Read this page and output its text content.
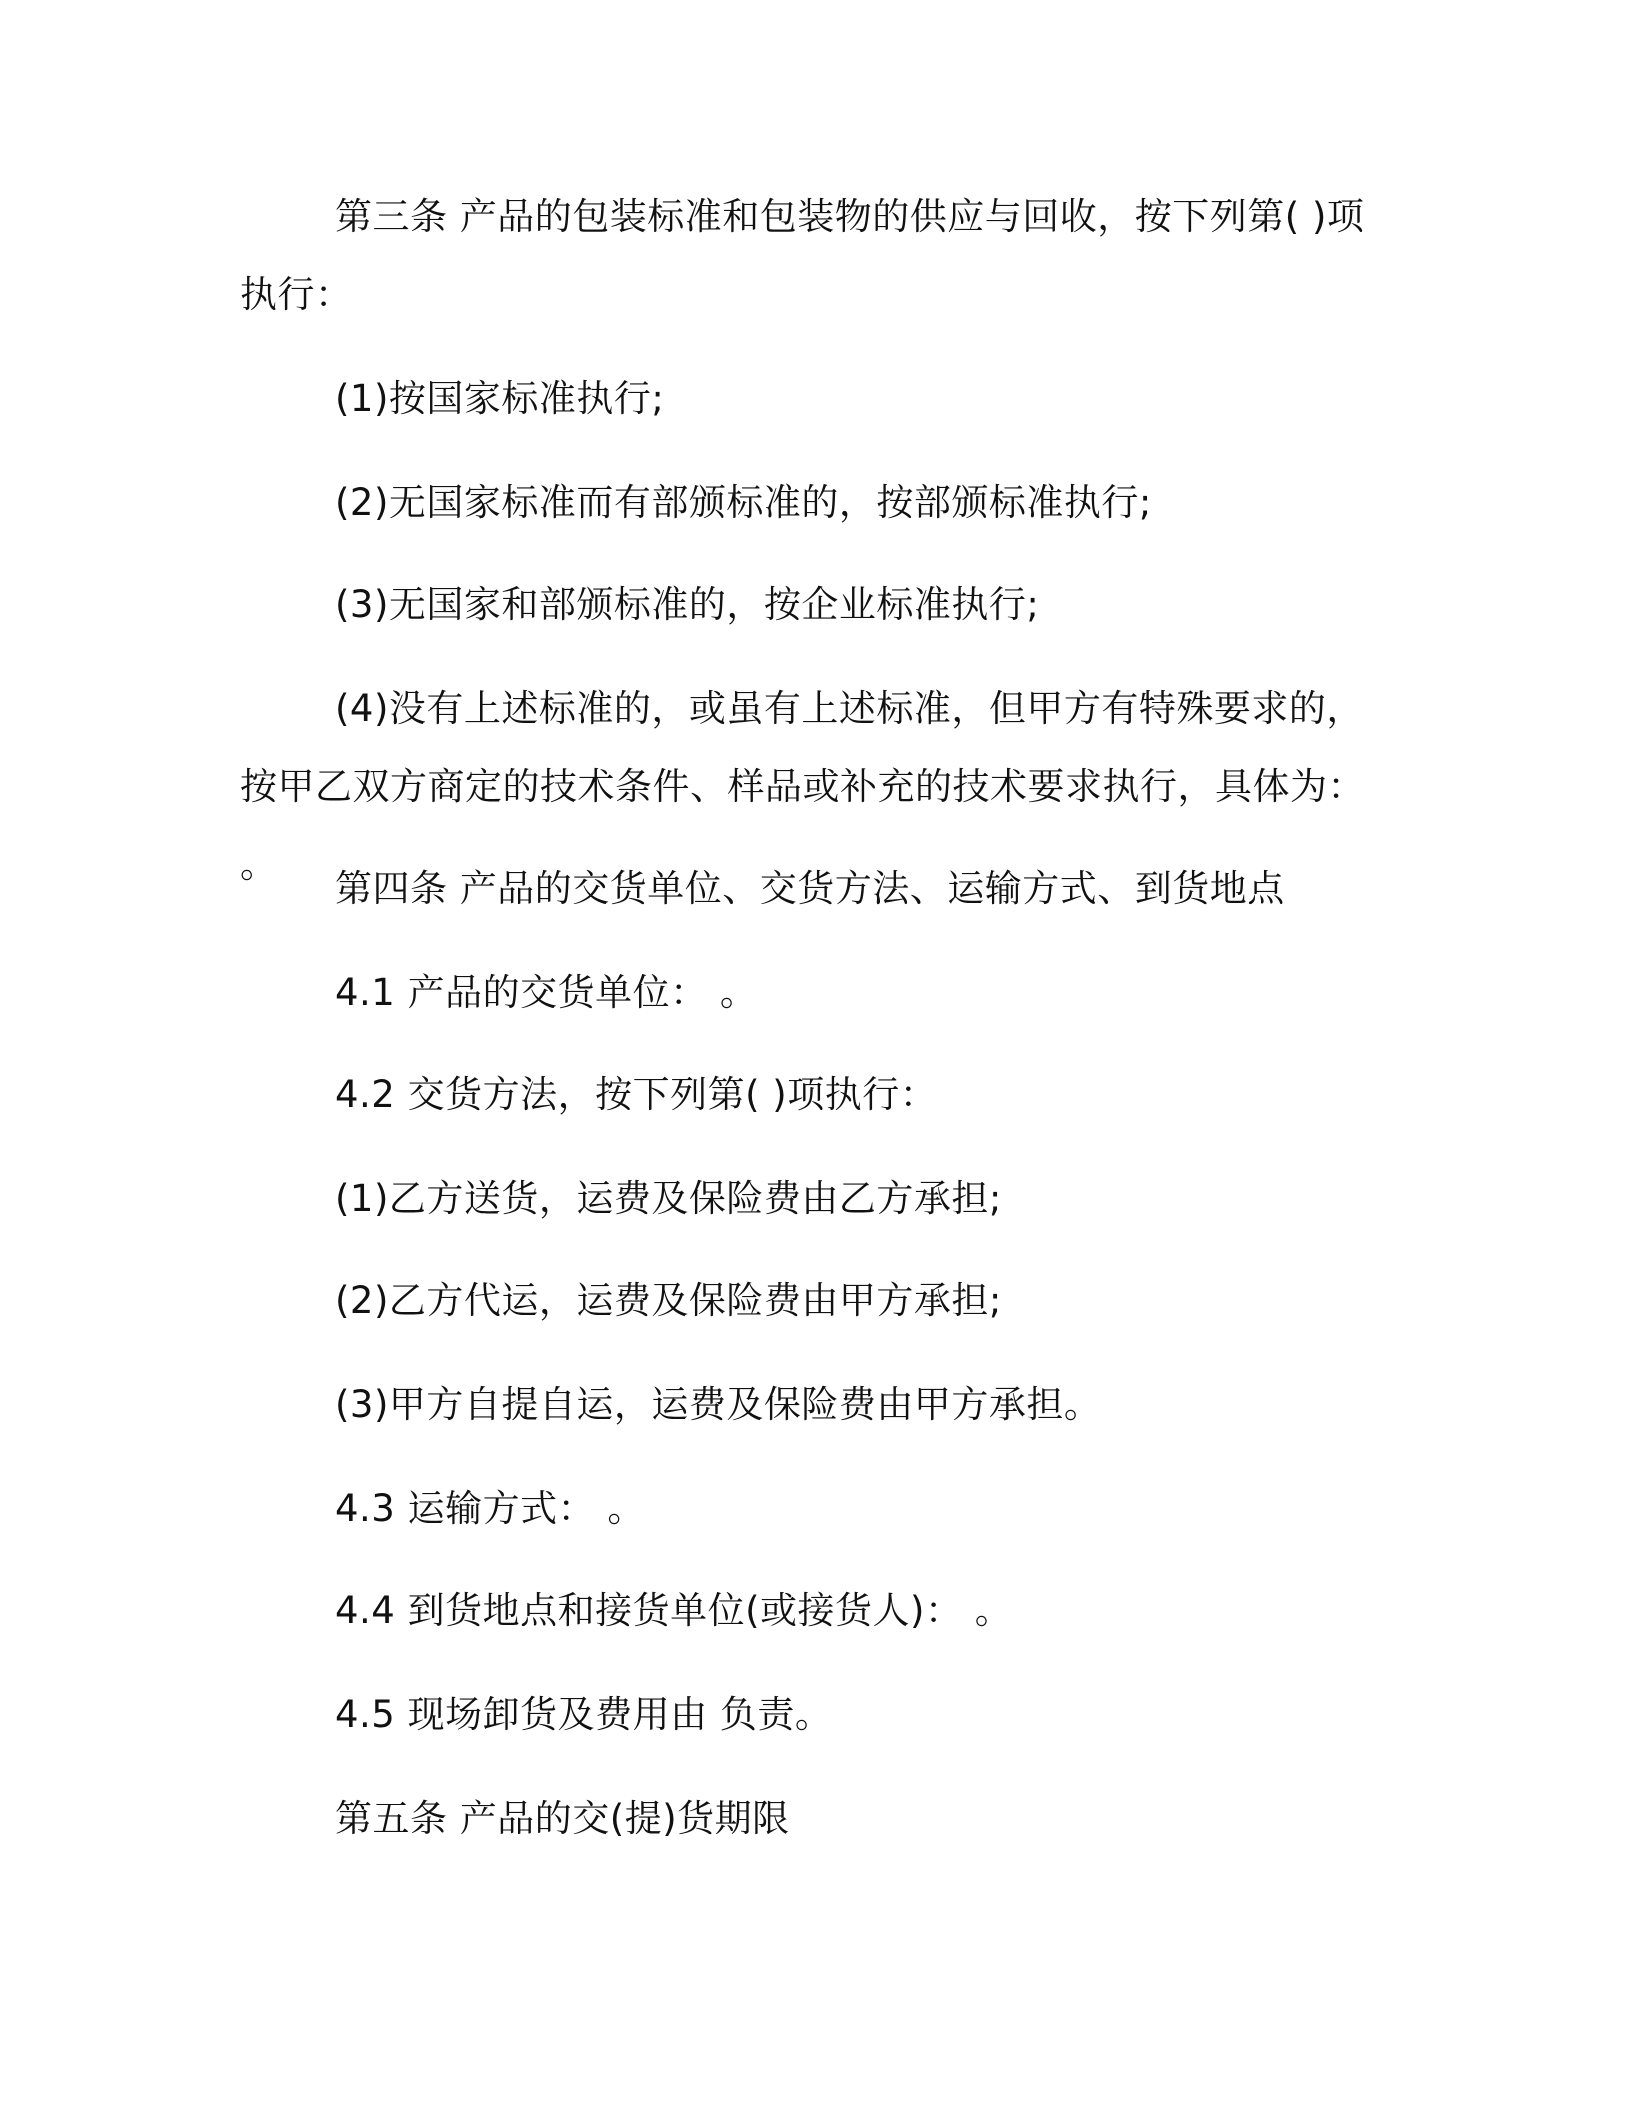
第三条 产品的包装标准和包装物的供应与回收，按下列第( )项执行：
(1)按国家标准执行;
(2)无国家标准而有部颁标准的，按部颁标准执行;
(3)无国家和部颁标准的，按企业标准执行;
(4)没有上述标准的，或虽有上述标准，但甲方有特殊要求的，按甲乙双方商定的技术条件、样品或补充的技术要求执行，具体为： 。
第四条 产品的交货单位、交货方法、运输方式、到货地点
4.1 产品的交货单位： 。
4.2 交货方法，按下列第( )项执行：
(1)乙方送货，运费及保险费由乙方承担;
(2)乙方代运，运费及保险费由甲方承担;
(3)甲方自提自运，运费及保险费由甲方承担。
4.3 运输方式： 。
4.4 到货地点和接货单位(或接货人)： 。
4.5 现场卸货及费用由 负责。
第五条 产品的交(提)货期限
